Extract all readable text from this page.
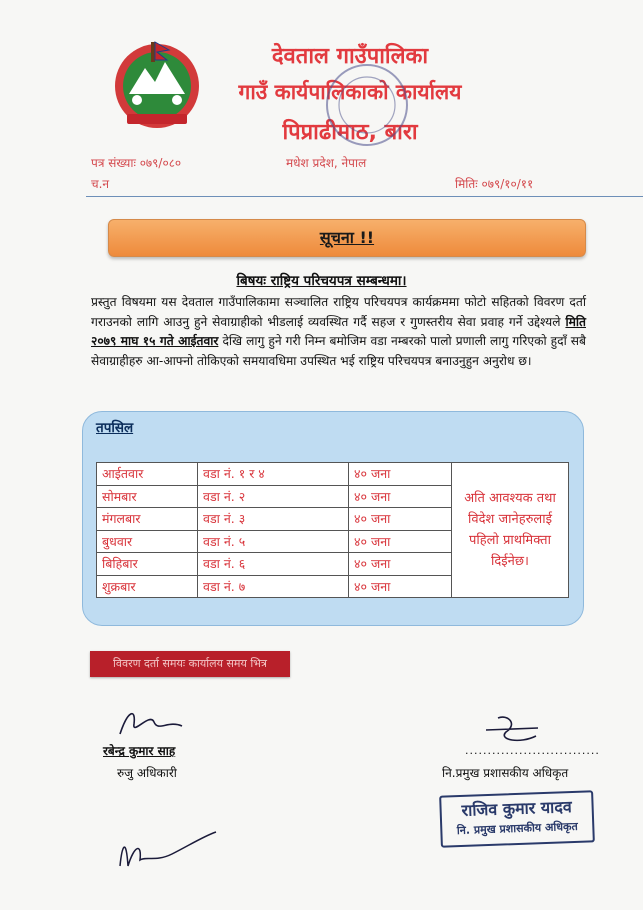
देवताल गाउँपालिका
गाउँ कार्यपालिकाको कार्यालय
पिप्राढीमाठ, बारा
पत्र संख्याः ०७९/०८०
च.न
मधेश प्रदेश, नेपाल
मितिः ०७९/१०/११
सूचना !!
बिषयः राष्ट्रिय परिचयपत्र सम्बन्धमा।
प्रस्तुत विषयमा यस देवताल गाउँपालिकामा सञ्चालित राष्ट्रिय परिचयपत्र कार्यक्रममा फोटो सहितको विवरण दर्ता गराउनको लागि आउनु हुने सेवाग्राहीको भीडलाई व्यवस्थित गर्दै सहज र गुणस्तरीय सेवा प्रवाह गर्ने उद्देश्यले मिति २०७९ माघ १५ गते आईतवार देखि लागु हुने गरी निम्न बमोजिम वडा नम्बरको पालो प्रणाली लागु गरिएको हुदाँ सबै सेवाग्राहीहरु आ-आफ्नो तोकिएको समयावधिमा उपस्थित भई राष्ट्रिय परिचयपत्र बनाउनुहुन अनुरोध छ।
तपसिल
आईतवार	वडा नं. १ र ४	४० जना	अति आवश्यक तथा विदेश जानेहरुलाई पहिलो प्राथमिक्ता दिईनेछ।
सोमबार	वडा नं. २	४० जना	
मंगलबार	वडा नं. ३	४० जना	
बुधवार	वडा नं. ५	४० जना	
बिहिबार	वडा नं. ६	४० जना	
शुक्रबार	वडा नं. ७	४० जना	
विवरण दर्ता समयः कार्यालय समय भित्र
रबेन्द्र कुमार साह
रुजु अधिकारी
..............................
नि.प्रमुख प्रशासकीय अधिकृत
राजिव कुमार यादव
नि. प्रमुख प्रशासकीय अधिकृत
